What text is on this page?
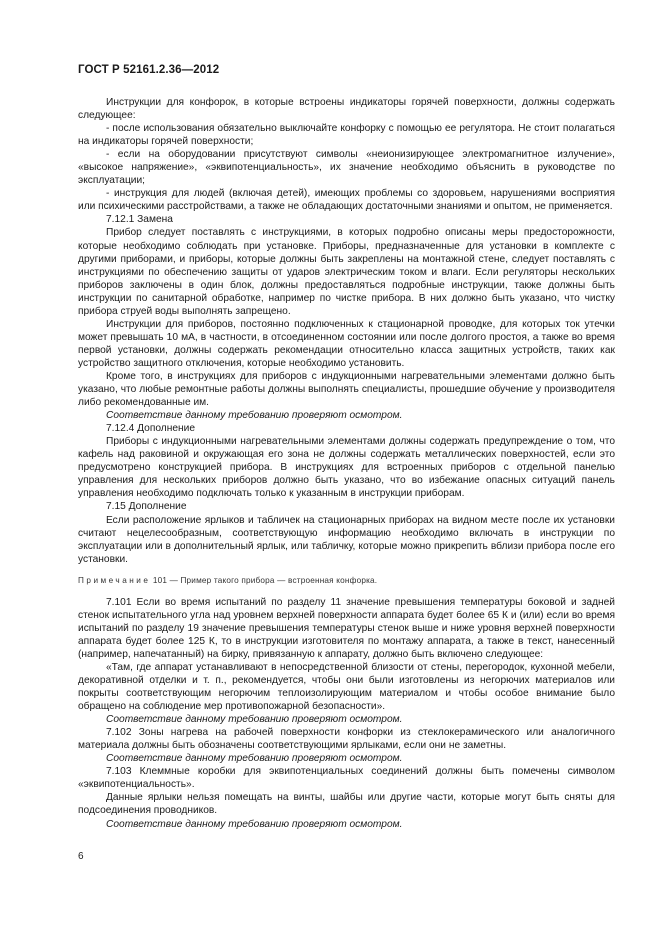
ГОСТ Р 52161.2.36—2012

Инструкции для конфорок, в которые встроены индикаторы горячей поверхности, должны содержать следующее:

- после использования обязательно выключайте конфорку с помощью ее регулятора. Не стоит полагаться на индикаторы горячей поверхности;

- если на оборудовании присутствуют символы «неионизирующее электромагнитное излучение», «высокое напряжение», «эквипотенциальность», их значение необходимо объяснить в руководстве по эксплуатации;

- инструкция для людей (включая детей), имеющих проблемы со здоровьем, нарушениями восприятия или психическими расстройствами, а также не обладающих достаточными знаниями и опытом, не применяется.

7.12.1 Замена

Прибор следует поставлять с инструкциями, в которых подробно описаны меры предосторожности, которые необходимо соблюдать при установке. Приборы, предназначенные для установки в комплекте с другими приборами, и приборы, которые должны быть закреплены на монтажной стене, следует поставлять с инструкциями по обеспечению защиты от ударов электрическим током и влаги. Если регуляторы нескольких приборов заключены в один блок, должны предоставляться подробные инструкции, также должны быть инструкции по санитарной обработке, например по чистке прибора. В них должно быть указано, что чистку прибора струей воды выполнять запрещено.

Инструкции для приборов, постоянно подключенных к стационарной проводке, для которых ток утечки может превышать 10 мА, в частности, в отсоединенном состоянии или после долгого простоя, а также во время первой установки, должны содержать рекомендации относительно класса защитных устройств, таких как устройство защитного отключения, которые необходимо установить.

Кроме того, в инструкциях для приборов с индукционными нагревательными элементами должно быть указано, что любые ремонтные работы должны выполнять специалисты, прошедшие обучение у производителя либо рекомендованные им.

Соответствие данному требованию проверяют осмотром.

7.12.4 Дополнение

Приборы с индукционными нагревательными элементами должны содержать предупреждение о том, что кафель над раковиной и окружающая его зона не должны содержать металлических поверхностей, если это предусмотрено конструкцией прибора. В инструкциях для встроенных приборов с отдельной панелью управления для нескольких приборов должно быть указано, что во избежание опасных ситуаций панель управления необходимо подключать только к указанным в инструкции приборам.

7.15 Дополнение

Если расположение ярлыков и табличек на стационарных приборах на видном месте после их установки считают нецелесообразным, соответствующую информацию необходимо включать в инструкции по эксплуатации или в дополнительный ярлык, или табличку, которые можно прикрепить вблизи прибора после его установки.

Примечание 101 — Пример такого прибора — встроенная конфорка.

7.101 Если во время испытаний по разделу 11 значение превышения температуры боковой и задней стенок испытательного угла над уровнем верхней поверхности аппарата будет более 65 К и (или) если во время испытаний по разделу 19 значение превышения температуры стенок выше и ниже уровня верхней поверхности аппарата будет более 125 К, то в инструкции изготовителя по монтажу аппарата, а также в текст, нанесенный (например, напечатанный) на бирку, привязанную к аппарату, должно быть включено следующее:

«Там, где аппарат устанавливают в непосредственной близости от стены, перегородок, кухонной мебели, декоративной отделки и т. п., рекомендуется, чтобы они были изготовлены из негорючих материалов или покрыты соответствующим негорючим теплоизолирующим материалом и чтобы особое внимание было обращено на соблюдение мер противопожарной безопасности».

Соответствие данному требованию проверяют осмотром.

7.102 Зоны нагрева на рабочей поверхности конфорки из стеклокерамического или аналогичного материала должны быть обозначены соответствующими ярлыками, если они не заметны.

Соответствие данному требованию проверяют осмотром.

7.103 Клеммные коробки для эквипотенциальных соединений должны быть помечены символом «эквипотенциальность».

Данные ярлыки нельзя помещать на винты, шайбы или другие части, которые могут быть сняты для подсоединения проводников.

Соответствие данному требованию проверяют осмотром.

6
